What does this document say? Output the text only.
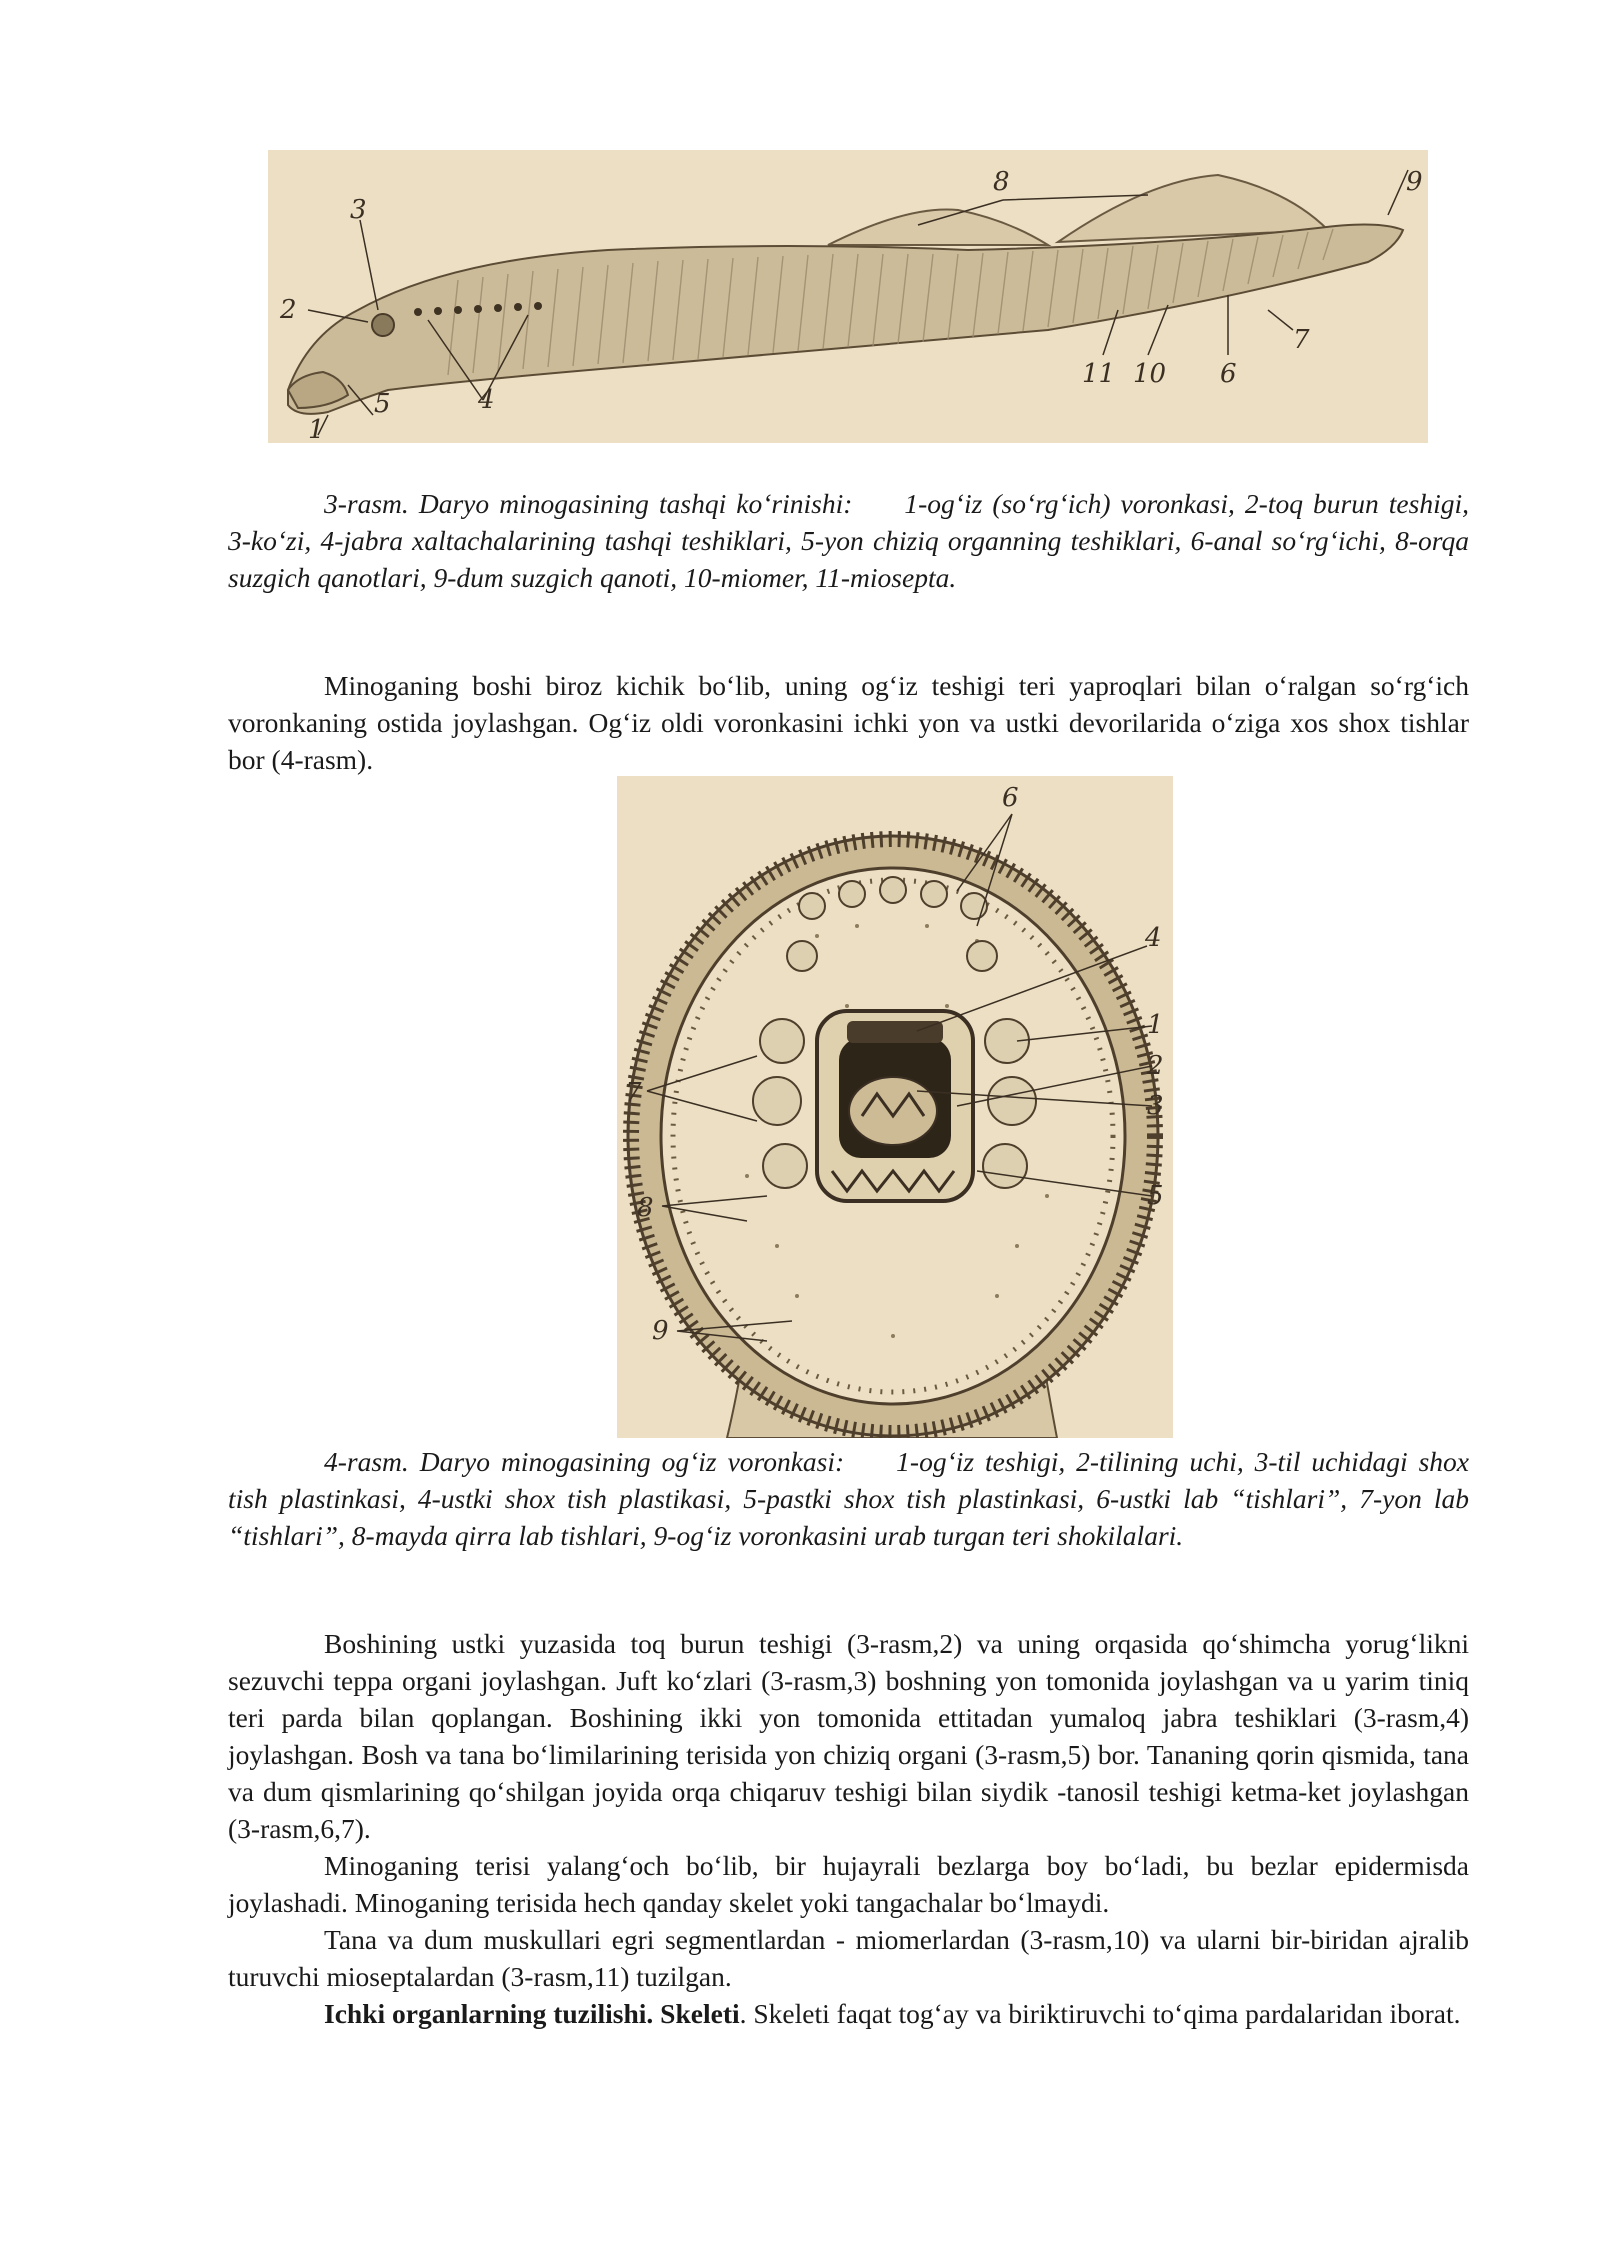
1
2
3
4
5
6
7
8	9
10
11

3-rasm. Daryo minogasining tashqi ko‘rinishi: 1-og‘iz (so‘rg‘ich) voronkasi, 2-toq burun teshigi, 3-ko‘zi, 4-jabra xaltachalarining tashqi teshiklari, 5-yon chiziq organning teshiklari, 6-anal so‘rg‘ichi, 8-orqa suzgich qanotlari, 9-dum suzgich qanoti, 10-miomer, 11-miosepta.

Minoganing boshi biroz kichik bo‘lib, uning og‘iz teshigi teri yaproqlari bilan o‘ralgan so‘rg‘ich voronkaning ostida joylashgan. Og‘iz oldi voronkasini ichki yon va ustki devorilarida o‘ziga xos shox tishlar bor (4-rasm).

6
4
1
2
3
5
7
8
9

4-rasm. Daryo minogasining og‘iz voronkasi: 1-og‘iz teshigi, 2-tilining uchi, 3-til uchidagi shox tish plastinkasi, 4-ustki shox tish plastikasi, 5-pastki shox tish plastinkasi, 6-ustki lab “tishlari”, 7-yon lab “tishlari”, 8-mayda qirra lab tishlari, 9-og‘iz voronkasini urab turgan teri shokilalari.

Boshining ustki yuzasida toq burun teshigi (3-rasm,2) va uning orqasida qo‘shimcha yorug‘likni sezuvchi teppa organi joylashgan. Juft ko‘zlari (3-rasm,3) boshning yon tomonida joylashgan va u yarim tiniq teri parda bilan qoplangan. Boshining ikki yon tomonida ettitadan yumaloq jabra teshiklari (3-rasm,4) joylashgan. Bosh va tana bo‘limilarining terisida yon chiziq organi (3-rasm,5) bor. Tananing qorin qismida, tana va dum qismlarining qo‘shilgan joyida orqa chiqaruv teshigi bilan siydik -tanosil teshigi ketma-ket joylashgan (3-rasm,6,7).

Minoganing terisi yalang‘och bo‘lib, bir hujayrali bezlarga boy bo‘ladi, bu bezlar epidermisda joylashadi. Minoganing terisida hech qanday skelet yoki tangachalar bo‘lmaydi.

Tana va dum muskullari egri segmentlardan - miomerlardan (3-rasm,10) va ularni bir-biridan ajralib turuvchi mioseptalardan (3-rasm,11) tuzilgan.

Ichki organlarning tuzilishi. Skeleti. Skeleti faqat tog‘ay va biriktiruvchi to‘qima pardalaridan iborat.
